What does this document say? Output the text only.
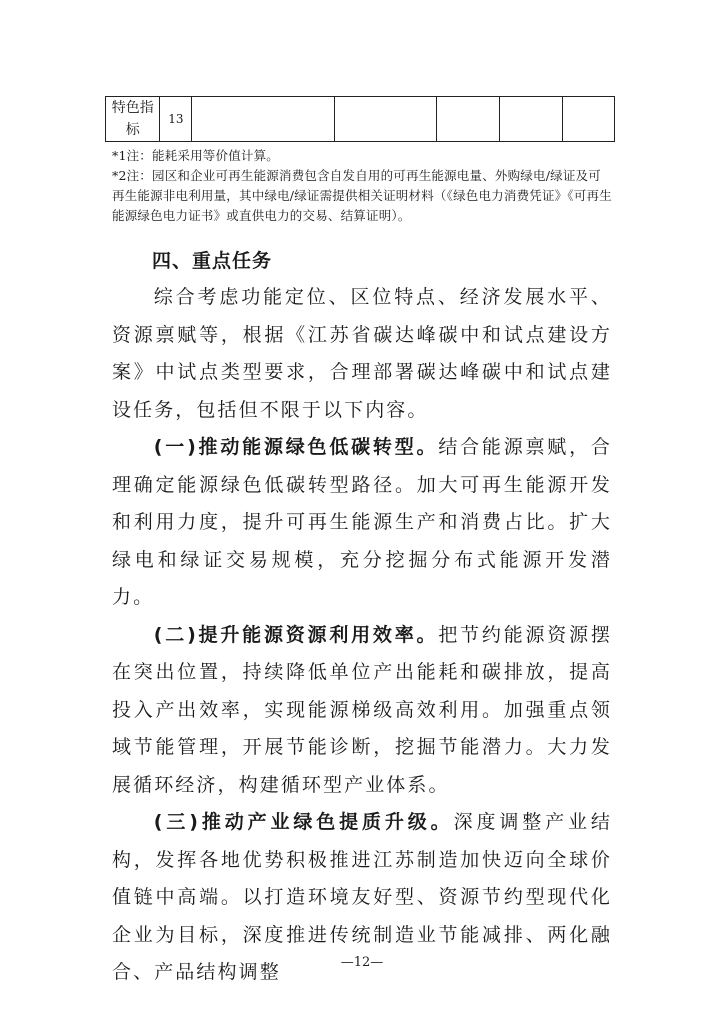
特色指标	13					

*1注：能耗采用等价值计算。

*2注：园区和企业可再生能源消费包含自发自用的可再生能源电量、外购绿电/绿证及可再生能源非电利用量，其中绿电/绿证需提供相关证明材料（《绿色电力消费凭证》《可再生能源绿色电力证书》或直供电力的交易、结算证明）。

四、重点任务

综合考虑功能定位、区位特点、经济发展水平、资源禀赋等，根据《江苏省碳达峰碳中和试点建设方案》中试点类型要求，合理部署碳达峰碳中和试点建设任务，包括但不限于以下内容。

(一)推动能源绿色低碳转型。结合能源禀赋，合理确定能源绿色低碳转型路径。加大可再生能源开发和利用力度，提升可再生能源生产和消费占比。扩大绿电和绿证交易规模，充分挖掘分布式能源开发潜力。

(二)提升能源资源利用效率。把节约能源资源摆在突出位置，持续降低单位产出能耗和碳排放，提高投入产出效率，实现能源梯级高效利用。加强重点领域节能管理，开展节能诊断，挖掘节能潜力。大力发展循环经济，构建循环型产业体系。

(三)推动产业绿色提质升级。深度调整产业结构，发挥各地优势积极推进江苏制造加快迈向全球价值链中高端。以打造环境友好型、资源节约型现代化企业为目标，深度推进传统制造业节能减排、两化融合、产品结构调整	—12—
